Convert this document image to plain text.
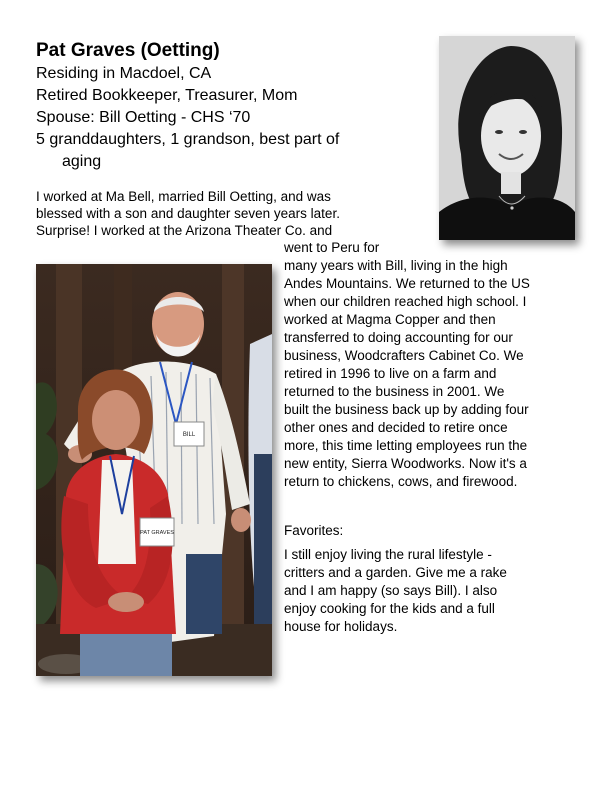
Pat Graves (Oetting)
Residing in Macdoel, CA
Retired Bookkeeper, Treasurer, Mom
Spouse: Bill Oetting - CHS ‘70
5 granddaughters, 1 grandson, best part of
aging
I worked at Ma Bell, married Bill Oetting, and was
blessed with a son and daughter seven years later.
Surprise! I worked at the Arizona Theater Co. and
went to Peru for
many years with Bill, living in the high
Andes Mountains. We returned to the US
when our children reached high school. I
worked at Magma Copper and then
transferred to doing accounting for our
business, Woodcrafters Cabinet Co. We
retired in 1996 to live on a farm and
returned to the business in 2001. We
built the business back up by adding four
other ones and decided to retire once
more, this time letting employees run the
new entity, Sierra Woodworks. Now it's a
return to chickens, cows, and firewood.
Favorites:
I still enjoy living the rural lifestyle -
critters and a garden. Give me a rake
and I am happy (so says Bill). I also
enjoy cooking for the kids and a full
house for holidays.
BILL
PAT GRAVES
